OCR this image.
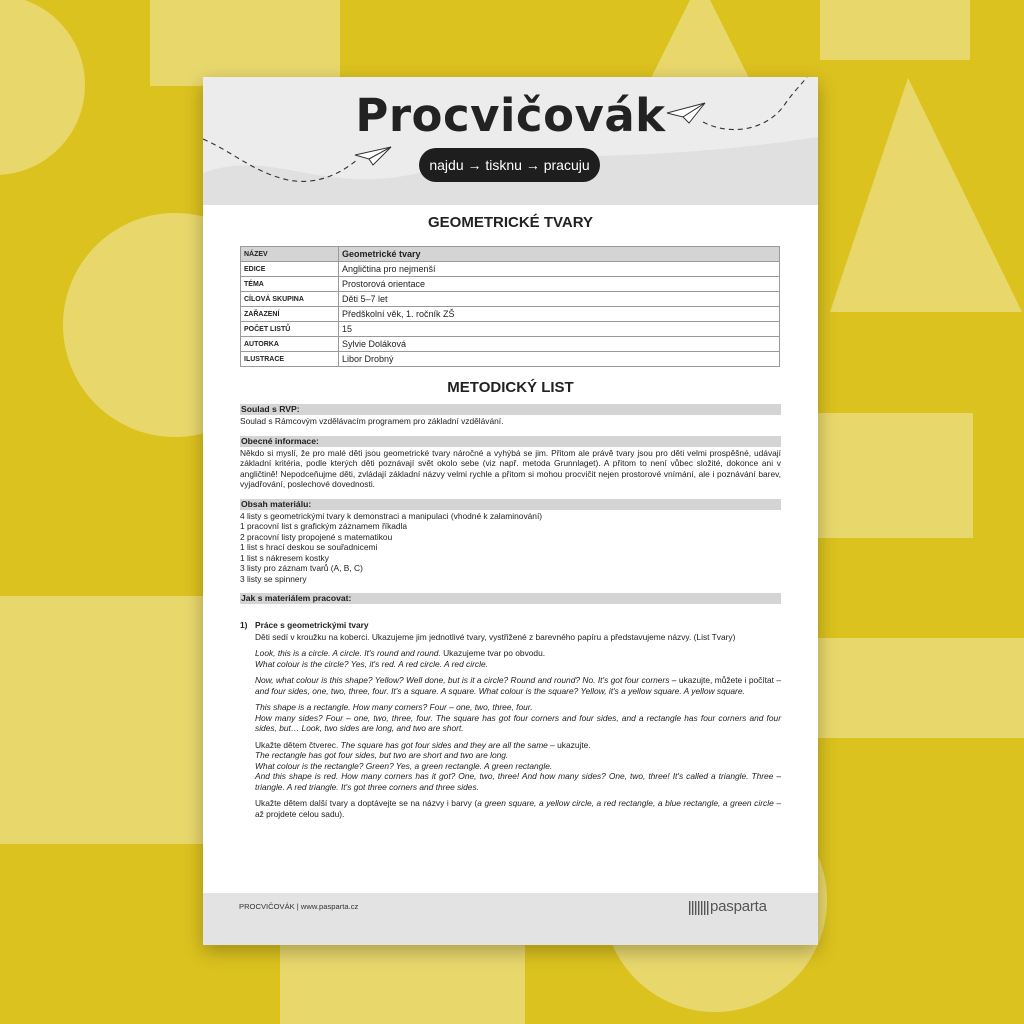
Procvičovák
najdu → tisknu → pracuju
GEOMETRICKÉ TVARY
NÁZEV	Geometrické tvary
EDICE	Angličtina pro nejmenší
TÉMA	Prostorová orientace
CÍLOVÁ SKUPINA	Děti 5–7 let
ZAŘAZENÍ	Předškolní věk, 1. ročník ZŠ
POČET LISTŮ	15
AUTORKA	Sylvie Doláková
ILUSTRACE	Libor Drobný
METODICKÝ LIST
Soulad s RVP:
Soulad s Rámcovým vzdělávacím programem pro základní vzdělávání.
Obecné informace:
Někdo si myslí, že pro malé děti jsou geometrické tvary náročné a vyhýbá se jim. Přitom ale právě tvary jsou pro děti velmi prospěšné, udávají základní kritéria, podle kterých děti poznávají svět okolo sebe (viz např. metoda Grunnlaget). A přitom to není vůbec složité, dokonce ani v angličtině! Nepodceňujme děti, zvládají základní názvy velmi rychle a přitom si mohou procvičit nejen prostorové vnímání, ale i poznávání barev, vyjadřování, poslechové dovednosti.
Obsah materiálu:
4 listy s geometrickými tvary k demonstraci a manipulaci (vhodné k zalaminování)
1 pracovní list s grafickým záznamem říkadla
2 pracovní listy propojené s matematikou
1 list s hrací deskou se souřadnicemi
1 list s nákresem kostky
3 listy pro záznam tvarů (A, B, C)
3 listy se spinnery
Jak s materiálem pracovat:
1) Práce s geometrickými tvary
Děti sedí v kroužku na koberci. Ukazujeme jim jednotlivé tvary, vystřižené z barevného papíru a představujeme názvy. (List Tvary)
Look, this is a circle. A circle. It's round and round. Ukazujeme tvar po obvodu.
What colour is the circle? Yes, it's red. A red circle. A red circle.
Now, what colour is this shape? Yellow? Well done, but is it a circle? Round and round? No. It's got four corners – ukazujte, můžete i počítat – and four sides, one, two, three, four. It's a square. A square. What colour is the square? Yellow, it's a yellow square. A yellow square.
This shape is a rectangle. How many corners? Four – one, two, three, four.
How many sides? Four – one, two, three, four. The square has got four corners and four sides, and a rectangle has four corners and four sides, but… Look, two sides are long, and two are short.
Ukažte dětem čtverec. The square has got four sides and they are all the same – ukazujte.
The rectangle has got four sides, but two are short and two are long.
What colour is the rectangle? Green? Yes, a green rectangle. A green rectangle.
And this shape is red. How many corners has it got? One, two, three! And how many sides? One, two, three! It's called a triangle. Three – triangle. A red triangle. It's got three corners and three sides.
Ukažte dětem další tvary a doptávejte se na názvy i barvy (a green square, a yellow circle, a red rectangle, a blue rectangle, a green circle – až projdete celou sadu).
PROCVIČOVÁK | www.pasparta.cz	pasparta
